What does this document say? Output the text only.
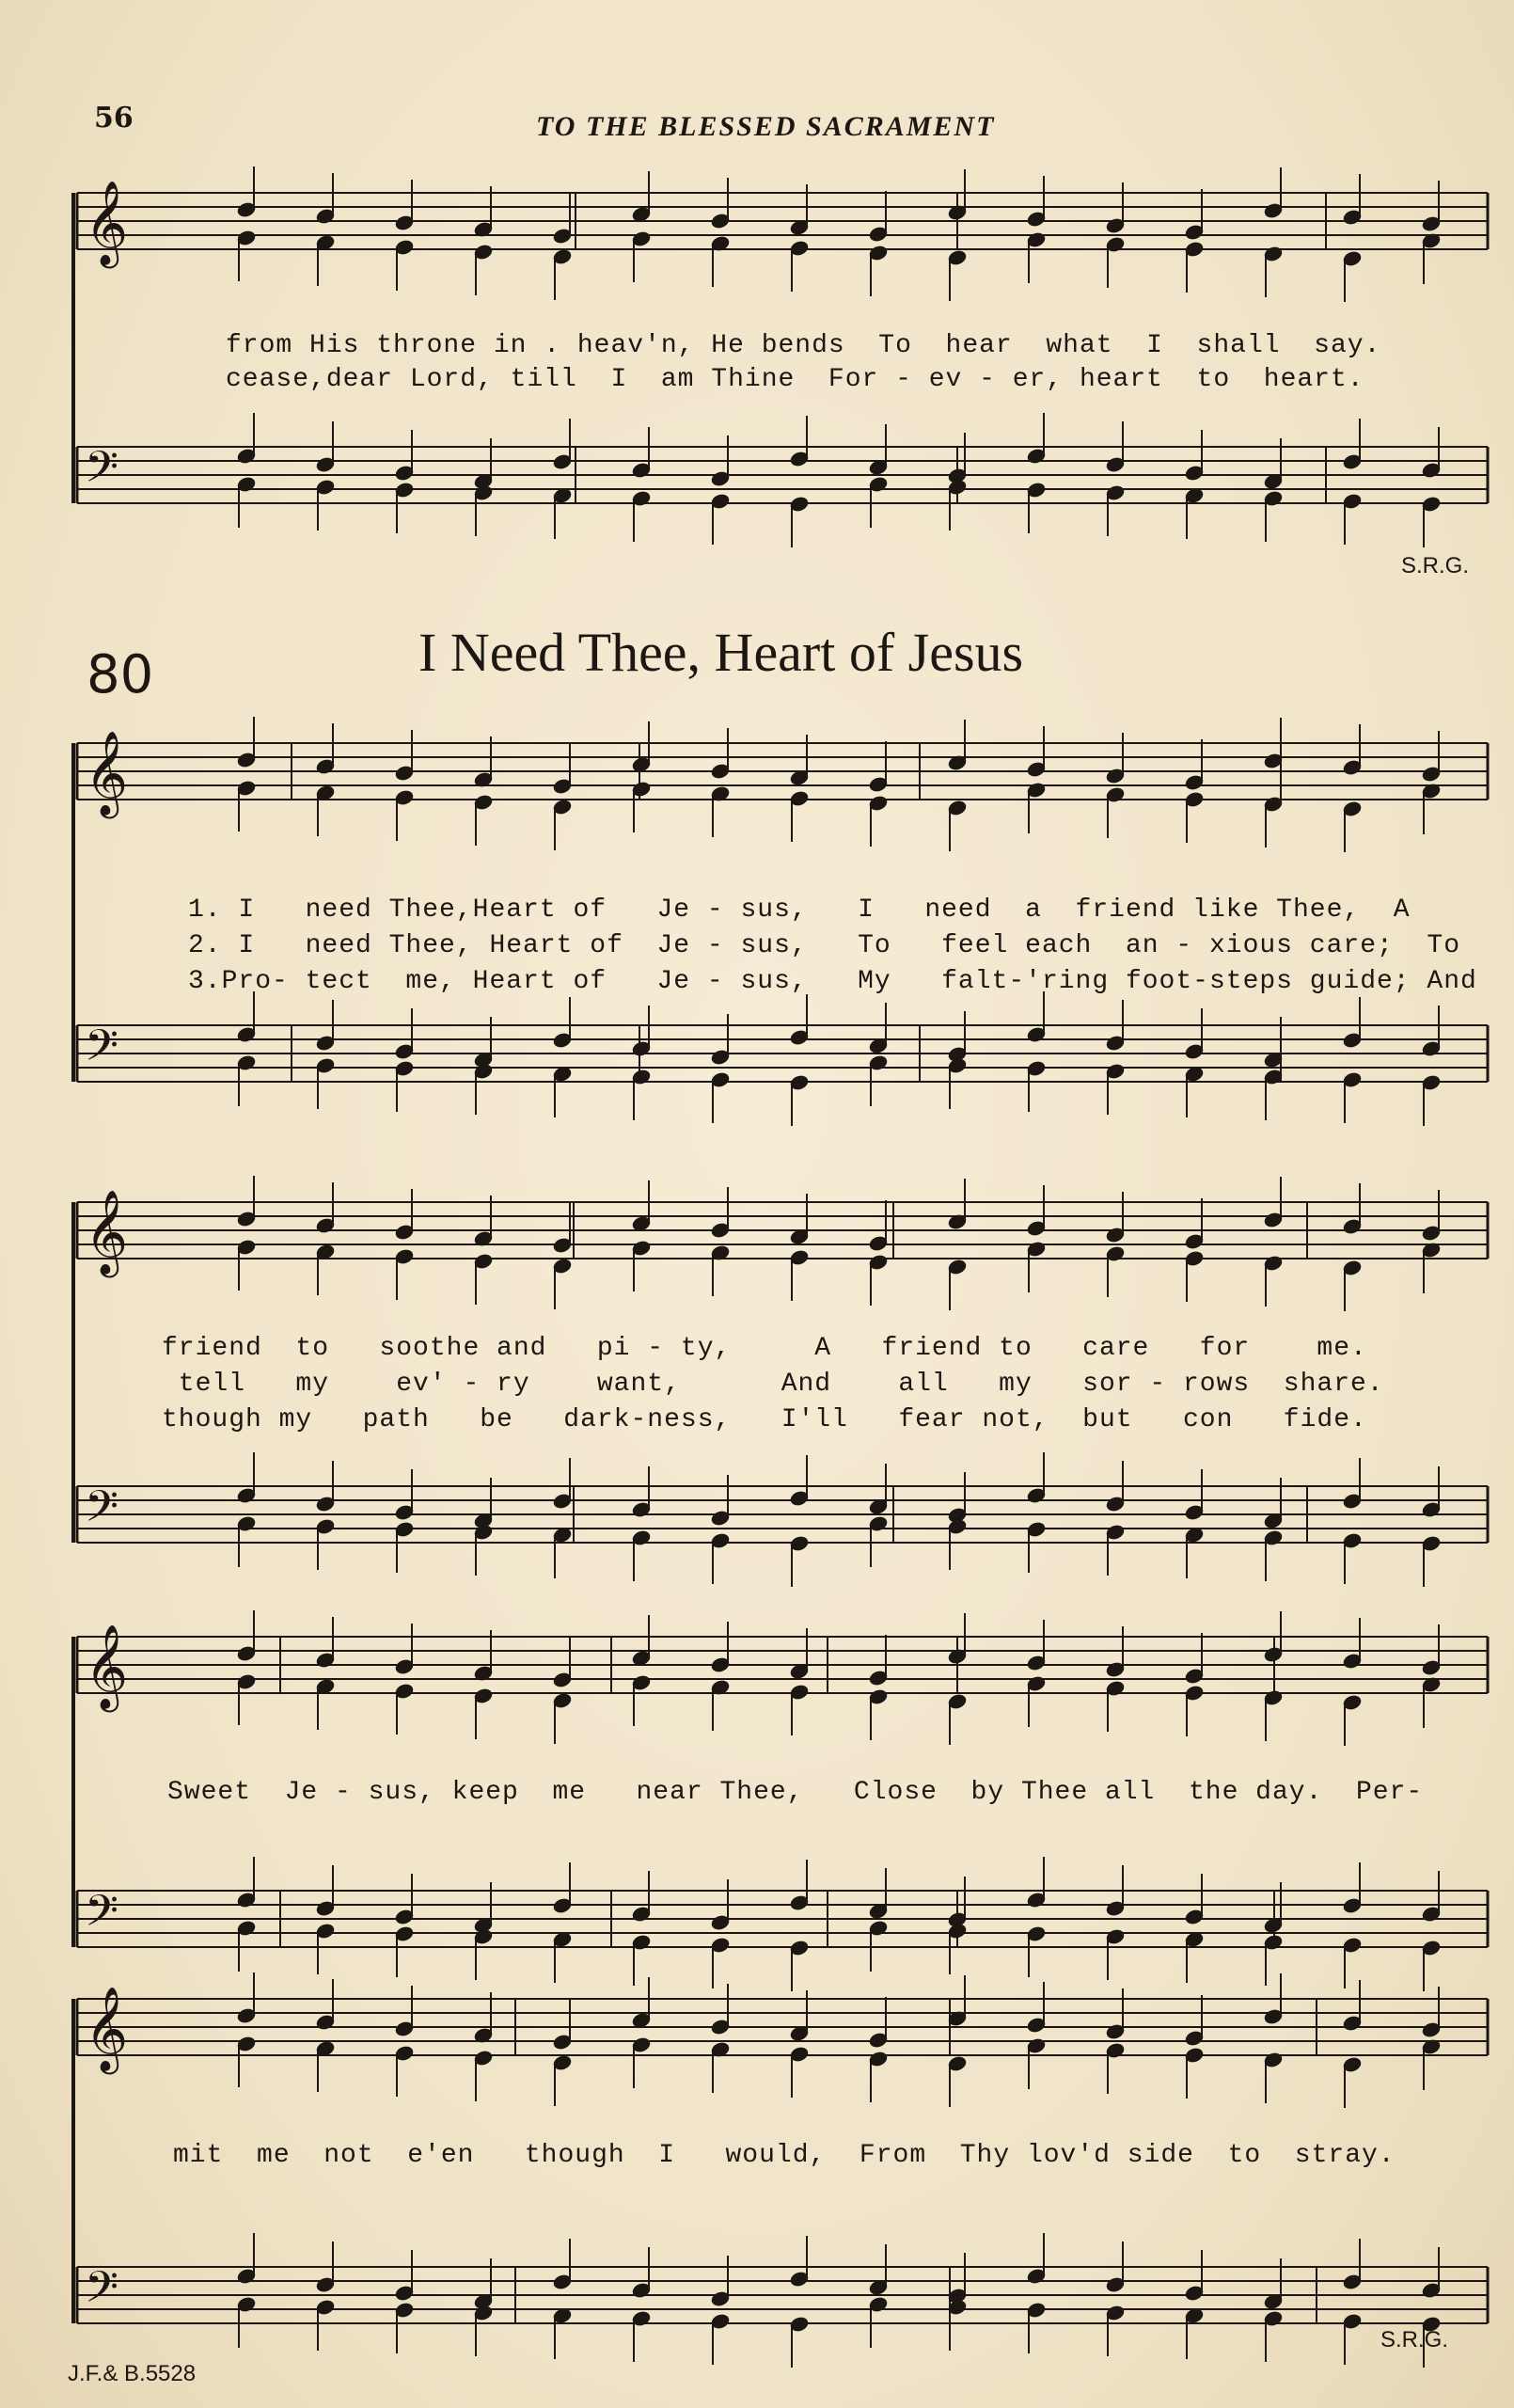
56	TO THE BLESSED SACRAMENT
𝄞
𝄢
𝄞
𝄢
𝄞
𝄢
𝄞
𝄢
𝄞
𝄢
from His throne in . heav'n, He bends  To  hear  what  I  shall  say.
cease,dear Lord, till  I  am Thine  For - ev - er, heart  to  heart.
S.R.G.
80	I Need Thee, Heart of Jesus
1. I   need Thee,Heart of   Je - sus,   I   need  a  friend like Thee,  A
2. I   need Thee, Heart of  Je - sus,   To   feel each  an - xious care;  To
3.Pro- tect  me, Heart of   Je - sus,   My   falt-'ring foot-steps guide; And
friend  to   soothe and   pi - ty,     A   friend to   care   for    me.
tell   my    ev' - ry    want,      And    all   my   sor - rows  share.
though my   path   be   dark-ness,   I'll   fear not,  but   con   fide.
Sweet  Je - sus, keep  me   near Thee,   Close  by Thee all  the day.  Per-
mit  me  not  e'en   though  I   would,  From  Thy lov'd side  to  stray.
J.F.& B.5528
S.R.G.
